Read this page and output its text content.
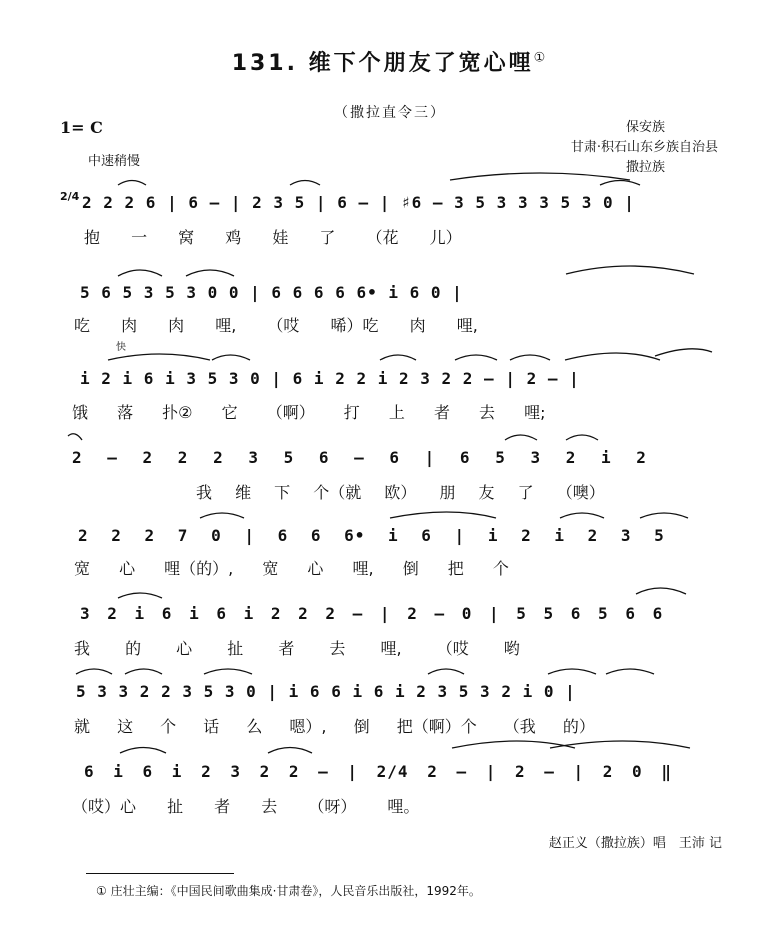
131. 维下个朋友了宽心哩①
（撒拉直令三）
1= C
中速稍慢
保安族
甘肃·积石山东乡族自治县
撒拉族
2/4 2 2 2 6 | 6 – | 2 3 5 | 6 – | ♯6 – 3 5 3 3 3 5 3 0 |
抱 一 窝 鸡 娃 了 （花 儿）
5 6 5 3 5 3 0 0 | 6 6 6 6 6• i 6 0 |
吃 肉 肉 哩, （哎 唏）吃 肉 哩,
快
i 2 i 6 i 3 5 3 0 | 6 i 2 2 i 2 3 2 2 – | 2 – |
饿 落 扑② 它 （啊） 打 上 者 去 哩;
2 – 2 2 2 3 5 6 – 6 | 6 5 3 2 i 2
我 维 下 个（就 欧） 朋 友 了 （噢）
2 2 2 7 0 | 6 6 6• i 6 | i 2 i 2 3 5
宽 心 哩（的）, 宽 心 哩, 倒 把 个
3 2 i 6 i 6 i 2 2 2 – | 2 – 0 | 5 5 6 5 6 6
我 的 心 扯 者 去 哩, （哎 哟
5 3 3 2 2 3 5 3 0 | i 6 6 i 6 i 2 3 5 3 2 i 0 |
就 这 个 话 么 嗯）, 倒 把（啊）个 （我 的）
6 i 6 i 2 3 2 2 – | 2/4 2 – | 2 – | 2 0 ‖
（哎）心 扯 者 去 （呀） 哩。
赵正义（撒拉族）唱　王沛 记
① 庄壮主编：《中国民间歌曲集成·甘肃卷》，人民音乐出版社，1992年。
